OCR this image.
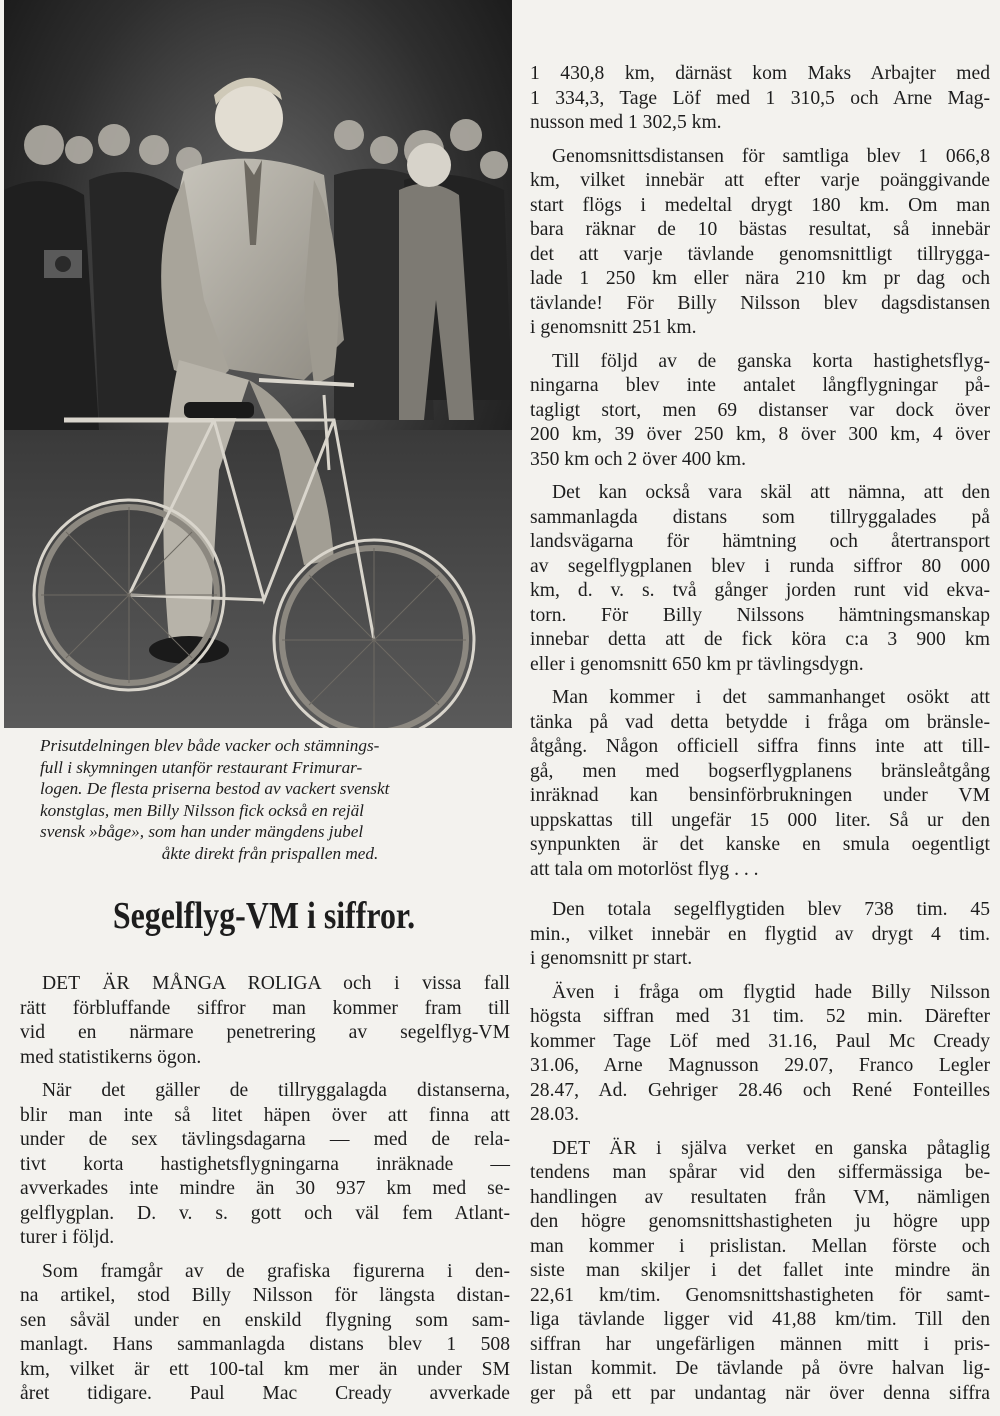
Prisutdelningen blev både vacker och stämnings-
full i skymningen utanför restaurant Frimurar-
logen. De flesta priserna bestod av vackert svenskt
konstglas, men Billy Nilsson fick också en rejäl
svensk »båge», som han under mängdens jubel
åkte direkt från prispallen med.

Segelflyg-VM i siffror.

DET ÄR MÅNGA ROLIGA och i vissa fall
rätt förbluffande siffror man kommer fram till
vid en närmare penetrering av segelflyg-VM
med statistikerns ögon.

När det gäller de tillryggalagda distanserna,
blir man inte så litet häpen över att finna att
under de sex tävlingsdagarna — med de rela-
tivt korta hastighetsflygningarna inräknade —
avverkades inte mindre än 30 937 km med se-
gelflygplan. D. v. s. gott och väl fem Atlant-
turer i följd.

Som framgår av de grafiska figurerna i den-
na artikel, stod Billy Nilsson för längsta distan-
sen såväl under en enskild flygning som sam-
manlagt. Hans sammanlagda distans blev 1 508
km, vilket är ett 100-tal km mer än under SM
året tidigare. Paul Mac Cready avverkade

1 430,8 km, därnäst kom Maks Arbajter med
1 334,3, Tage Löf med 1 310,5 och Arne Mag-
nusson med 1 302,5 km.

Genomsnittsdistansen för samtliga blev 1 066,8
km, vilket innebär att efter varje poänggivande
start flögs i medeltal drygt 180 km. Om man
bara räknar de 10 bästas resultat, så innebär
det att varje tävlande genomsnittligt tillrygga-
lade 1 250 km eller nära 210 km pr dag och
tävlande! För Billy Nilsson blev dagsdistansen
i genomsnitt 251 km.

Till följd av de ganska korta hastighetsflyg-
ningarna blev inte antalet långflygningar på-
tagligt stort, men 69 distanser var dock över
200 km, 39 över 250 km, 8 över 300 km, 4 över
350 km och 2 över 400 km.

Det kan också vara skäl att nämna, att den
sammanlagda distans som tillryggalades på
landsvägarna för hämtning och återtransport
av segelflygplanen blev i runda siffror 80 000
km, d. v. s. två gånger jorden runt vid ekva-
torn. För Billy Nilssons hämtningsmanskap
innebar detta att de fick köra c:a 3 900 km
eller i genomsnitt 650 km pr tävlingsdygn.

Man kommer i det sammanhanget osökt att
tänka på vad detta betydde i fråga om bränsle-
åtgång. Någon officiell siffra finns inte att till-
gå, men med bogserflygplanens bränsleåtgång
inräknad kan bensinförbrukningen under VM
uppskattas till ungefär 15 000 liter. Så ur den
synpunkten är det kanske en smula oegentligt
att tala om motorlöst flyg . . .

Den totala segelflygtiden blev 738 tim. 45
min., vilket innebär en flygtid av drygt 4 tim.
i genomsnitt pr start.

Även i fråga om flygtid hade Billy Nilsson
högsta siffran med 31 tim. 52 min. Därefter
kommer Tage Löf med 31.16, Paul Mc Cready
31.06, Arne Magnusson 29.07, Franco Legler
28.47, Ad. Gehriger 28.46 och René Fonteilles
28.03.

DET ÄR i själva verket en ganska påtaglig
tendens man spårar vid den siffermässiga be-
handlingen av resultaten från VM, nämligen
den högre genomsnittshastigheten ju högre upp
man kommer i prislistan. Mellan förste och
siste man skiljer i det fallet inte mindre än
22,61 km/tim. Genomsnittshastigheten för samt-
liga tävlande ligger vid 41,88 km/tim. Till den
siffran har ungefärligen männen mitt i pris-
listan kommit. De tävlande på övre halvan lig-
ger på ett par undantag när över denna siffra
